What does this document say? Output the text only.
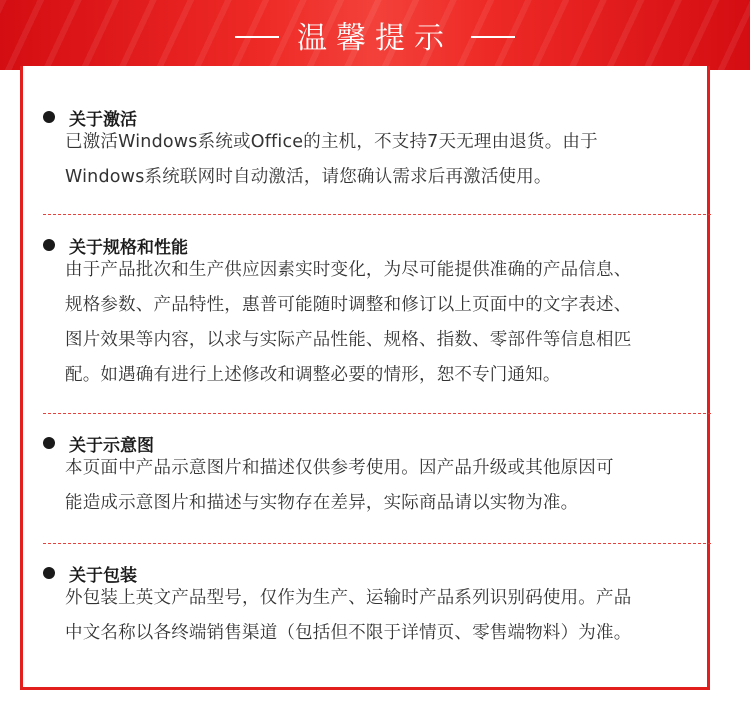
温馨提示
关于激活
已激活Windows系统或Office的主机，不支持7天无理由退货。由于
Windows系统联网时自动激活，请您确认需求后再激活使用。
关于规格和性能
由于产品批次和生产供应因素实时变化，为尽可能提供准确的产品信息、
规格参数、产品特性，惠普可能随时调整和修订以上页面中的文字表述、
图片效果等内容，以求与实际产品性能、规格、指数、零部件等信息相匹
配。如遇确有进行上述修改和调整必要的情形，恕不专门通知。
关于示意图
本页面中产品示意图片和描述仅供参考使用。因产品升级或其他原因可
能造成示意图片和描述与实物存在差异，实际商品请以实物为准。
关于包装
外包装上英文产品型号，仅作为生产、运输时产品系列识别码使用。产品
中文名称以各终端销售渠道（包括但不限于详情页、零售端物料）为准。
